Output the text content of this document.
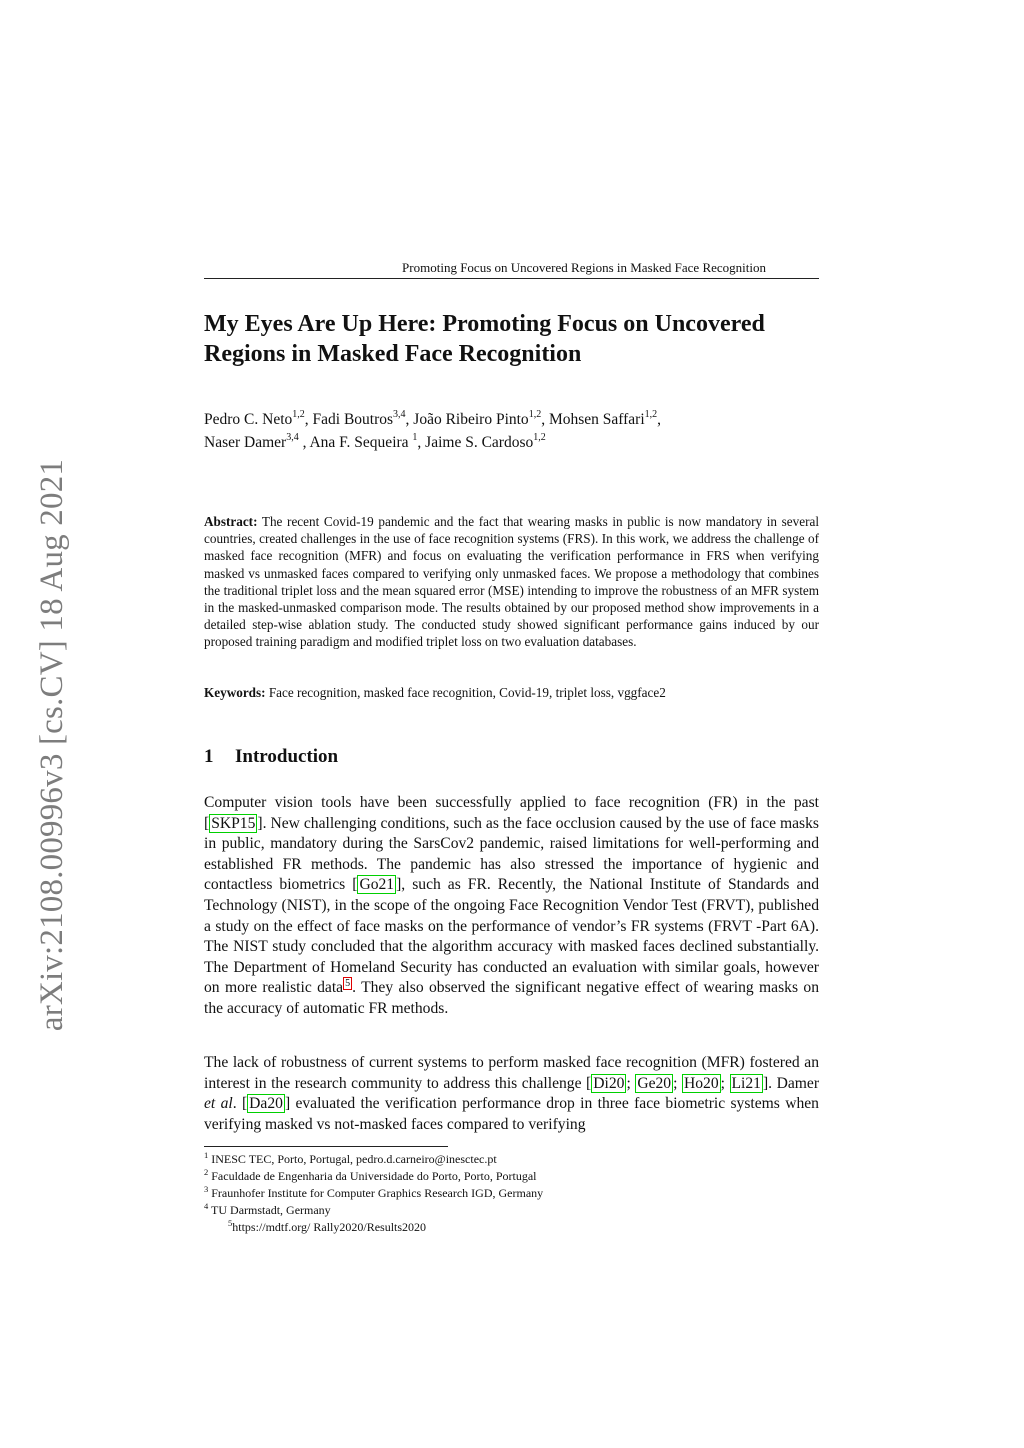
arXiv:2108.00996v3 [cs.CV] 18 Aug 2021
Promoting Focus on Uncovered Regions in Masked Face Recognition
My Eyes Are Up Here: Promoting Focus on Uncovered
Regions in Masked Face Recognition
Pedro C. Neto$^{1,2}$, Fadi Boutros$^{3,4}$, João Ribeiro Pinto$^{1,2}$, Mohsen Saffari$^{1,2}$,
Naser Damer$^{3,4}$ , Ana F. Sequeira $^1$, Jaime S. Cardoso$^{1,2}$

Abstract: The recent Covid-19 pandemic and the fact that wearing masks in public is now mandatory in several countries, created challenges in the use of face recognition systems (FRS). In this work, we address the challenge of masked face recognition (MFR) and focus on evaluating the verification performance in FRS when verifying masked vs unmasked faces compared to verifying only unmasked faces. We propose a methodology that combines the traditional triplet loss and the mean squared error (MSE) intending to improve the robustness of an MFR system in the masked-unmasked comparison mode. The results obtained by our proposed method show improvements in a detailed step-wise ablation study. The conducted study showed significant performance gains induced by our proposed training paradigm and modified triplet loss on two evaluation databases.

Keywords: Face recognition, masked face recognition, Covid-19, triplet loss, vggface2

1 Introduction

Computer vision tools have been successfully applied to face recognition (FR) in the past [ SKP15 ]. New challenging conditions, such as the face occlusion caused by the use of face masks in public, mandatory during the SarsCov2 pandemic, raised limitations for well-performing and established FR methods. The pandemic has also stressed the importance of hygienic and contactless biometrics [ Go21 ], such as FR. Recently, the National Institute of Standards and Technology (NIST), in the scope of the ongoing Face Recognition Vendor Test (FRVT), published a study on the effect of face masks on the performance of vendor’s FR systems (FRVT -Part 6A). The NIST study concluded that the algorithm accuracy with masked faces declined substantially. The Department of Homeland Security has conducted an evaluation with similar goals, however on more realistic data $^5$ . They also observed the significant negative effect of wearing masks on the accuracy of automatic FR methods.

The lack of robustness of current systems to perform masked face recognition (MFR) fostered an interest in the research community to address this challenge [ Di20 ; Ge20 ; Ho20 ; Li21 ]. Damer et al. [ Da20 ] evaluated the verification performance drop in three face biometric systems when verifying masked vs not-masked faces compared to verifying

$^1$ INESC TEC, Porto, Portugal, pedro.d.carneiro@inesctec.pt
$^2$ Faculdade de Engenharia da Universidade do Porto, Porto, Portugal
$^3$ Fraunhofer Institute for Computer Graphics Research IGD, Germany
$^4$ TU Darmstadt, Germany
$^5$https://mdtf.org/ Rally2020/Results2020
